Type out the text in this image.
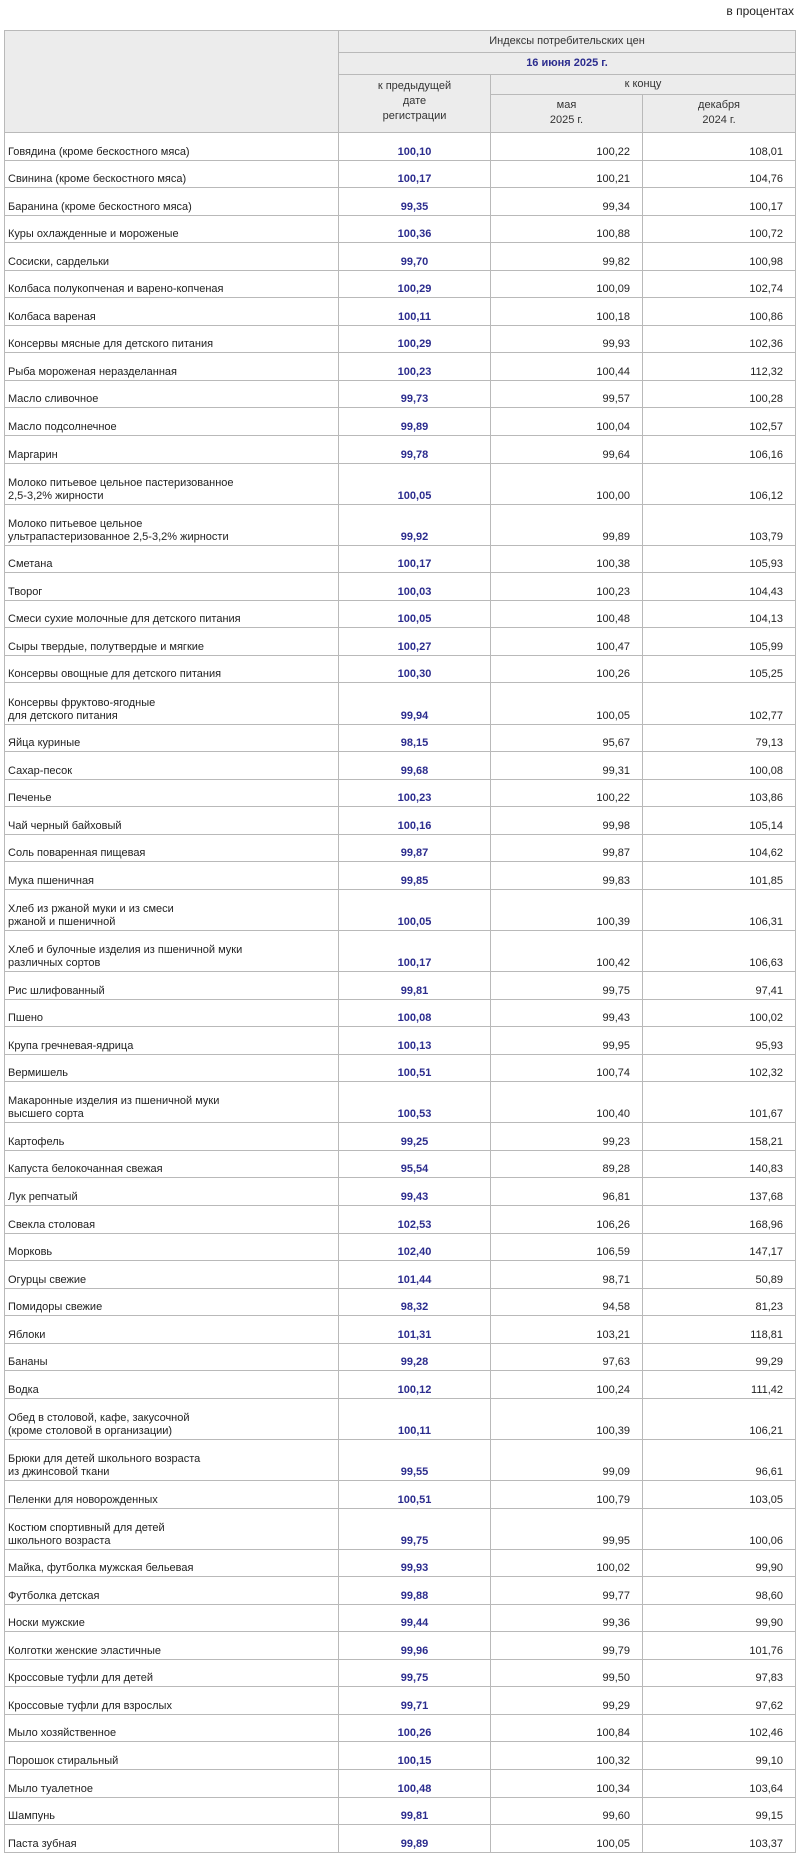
в процентах
	Индексы потребительских цен		
	16 июня 2025 г.		
	к предыдущей
дате
регистрации	к концу	
		мая
2025 г.	декабря
2024 г.
Говядина (кроме бескостного мяса)	100,10	100,22	108,01
Свинина (кроме бескостного мяса)	100,17	100,21	104,76
Баранина (кроме бескостного мяса)	99,35	99,34	100,17
Куры охлажденные и мороженые	100,36	100,88	100,72
Сосиски, сардельки	99,70	99,82	100,98
Колбаса полукопченая и варено-копченая	100,29	100,09	102,74
Колбаса вареная	100,11	100,18	100,86
Консервы мясные для детского питания	100,29	99,93	102,36
Рыба мороженая неразделанная	100,23	100,44	112,32
Масло сливочное	99,73	99,57	100,28
Масло подсолнечное	99,89	100,04	102,57
Маргарин	99,78	99,64	106,16
Молоко питьевое цельное пастеризованное
2,5-3,2% жирности	100,05	100,00	106,12
Молоко питьевое цельное
ультрапастеризованное 2,5-3,2% жирности	99,92	99,89	103,79
Сметана	100,17	100,38	105,93
Творог	100,03	100,23	104,43
Смеси сухие молочные для детского питания	100,05	100,48	104,13
Сыры твердые, полутвердые и мягкие	100,27	100,47	105,99
Консервы овощные для детского питания	100,30	100,26	105,25
Консервы фруктово-ягодные
для детского питания	99,94	100,05	102,77
Яйца куриные	98,15	95,67	79,13
Сахар-песок	99,68	99,31	100,08
Печенье	100,23	100,22	103,86
Чай черный байховый	100,16	99,98	105,14
Соль поваренная пищевая	99,87	99,87	104,62
Мука пшеничная	99,85	99,83	101,85
Хлеб из ржаной муки и из смеси
ржаной и пшеничной	100,05	100,39	106,31
Хлеб и булочные изделия из пшеничной муки
различных сортов	100,17	100,42	106,63
Рис шлифованный	99,81	99,75	97,41
Пшено	100,08	99,43	100,02
Крупа гречневая-ядрица	100,13	99,95	95,93
Вермишель	100,51	100,74	102,32
Макаронные изделия из пшеничной муки
высшего сорта	100,53	100,40	101,67
Картофель	99,25	99,23	158,21
Капуста белокочанная свежая	95,54	89,28	140,83
Лук репчатый	99,43	96,81	137,68
Свекла столовая	102,53	106,26	168,96
Морковь	102,40	106,59	147,17
Огурцы свежие	101,44	98,71	50,89
Помидоры свежие	98,32	94,58	81,23
Яблоки	101,31	103,21	118,81
Бананы	99,28	97,63	99,29
Водка	100,12	100,24	111,42
Обед в столовой, кафе, закусочной
(кроме столовой в организации)	100,11	100,39	106,21
Брюки для детей школьного возраста
из джинсовой ткани	99,55	99,09	96,61
Пеленки для новорожденных	100,51	100,79	103,05
Костюм спортивный для детей
школьного возраста	99,75	99,95	100,06
Майка, футболка мужская бельевая	99,93	100,02	99,90
Футболка детская	99,88	99,77	98,60
Носки мужские	99,44	99,36	99,90
Колготки женские эластичные	99,96	99,79	101,76
Кроссовые туфли для детей	99,75	99,50	97,83
Кроссовые туфли для взрослых	99,71	99,29	97,62
Мыло хозяйственное	100,26	100,84	102,46
Порошок стиральный	100,15	100,32	99,10
Мыло туалетное	100,48	100,34	103,64
Шампунь	99,81	99,60	99,15
Паста зубная	99,89	100,05	103,37
